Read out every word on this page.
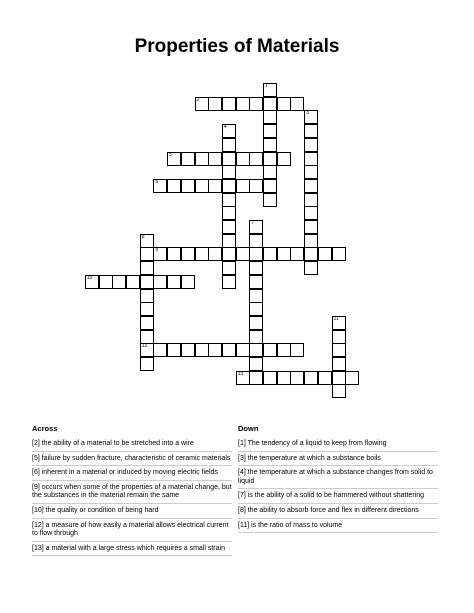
Properties of Materials
1
2
3
4
5
6
7
8
12
9
10
11
13
Across
[2] the ability of a material to be stretched into a wire
[5] failure by sudden fracture, characteristic of ceramic materials
[6] inherent in a material or induced by moving electric fields
[9] occurs when some of the properties of a material change, but the substances in the material remain the same
[10] the quality or condition of being hard
[12] a measure of how easily a material allows electrical current to flow through
[13] a material with a large stress which requires a small strain
Down
[1] The tendency of a liquid to keep from flowing
[3] the temperature at which a substance boils
[4] the temperature at which a substance changes from solid to liquid
[7] is the ability of a solid to be hammered without shattering
[8] the ability to absorb force and flex in different directions
[11] is the ratio of mass to volume
